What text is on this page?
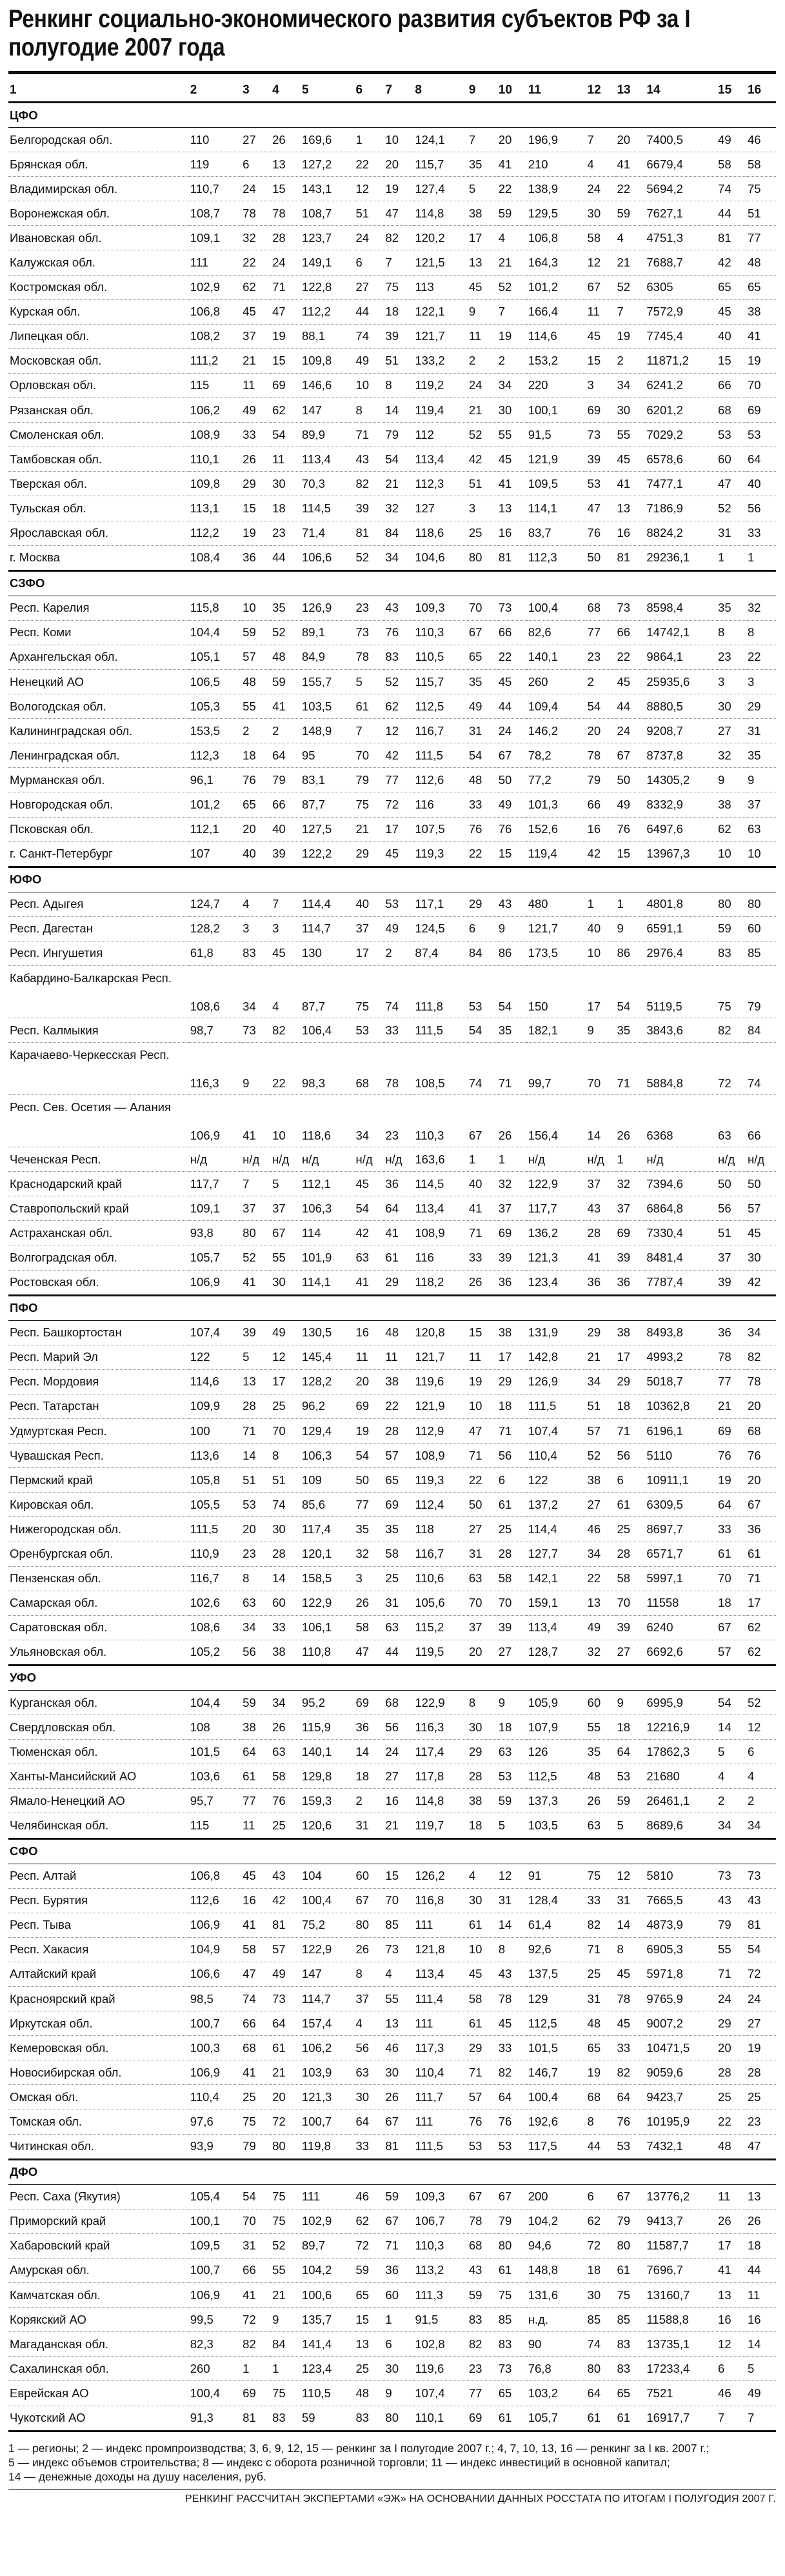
Ренкинг социально-экономического развития субъектов РФ за I полугодие 2007 года
1	2	3	4	5	6	7	8	9	10	11	12	13	14	15	16
ЦФО															
Белгородская обл.	110	27	26	169,6	1	10	124,1	7	20	196,9	7	20	7400,5	49	46
Брянская обл.	119	6	13	127,2	22	20	115,7	35	41	210	4	41	6679,4	58	58
Владимирская обл.	110,7	24	15	143,1	12	19	127,4	5	22	138,9	24	22	5694,2	74	75
Воронежская обл.	108,7	78	78	108,7	51	47	114,8	38	59	129,5	30	59	7627,1	44	51
Ивановская обл.	109,1	32	28	123,7	24	82	120,2	17	4	106,8	58	4	4751,3	81	77
Калужская обл.	111	22	24	149,1	6	7	121,5	13	21	164,3	12	21	7688,7	42	48
Костромская обл.	102,9	62	71	122,8	27	75	113	45	52	101,2	67	52	6305	65	65
Курская обл.	106,8	45	47	112,2	44	18	122,1	9	7	166,4	11	7	7572,9	45	38
Липецкая обл.	108,2	37	19	88,1	74	39	121,7	11	19	114,6	45	19	7745,4	40	41
Московская обл.	111,2	21	15	109,8	49	51	133,2	2	2	153,2	15	2	11871,2	15	19
Орловская обл.	115	11	69	146,6	10	8	119,2	24	34	220	3	34	6241,2	66	70
Рязанская обл.	106,2	49	62	147	8	14	119,4	21	30	100,1	69	30	6201,2	68	69
Смоленская обл.	108,9	33	54	89,9	71	79	112	52	55	91,5	73	55	7029,2	53	53
Тамбовская обл.	110,1	26	11	113,4	43	54	113,4	42	45	121,9	39	45	6578,6	60	64
Тверская обл.	109,8	29	30	70,3	82	21	112,3	51	41	109,5	53	41	7477,1	47	40
Тульская обл.	113,1	15	18	114,5	39	32	127	3	13	114,1	47	13	7186,9	52	56
Ярославская обл.	112,2	19	23	71,4	81	84	118,6	25	16	83,7	76	16	8824,2	31	33
г. Москва	108,4	36	44	106,6	52	34	104,6	80	81	112,3	50	81	29236,1	1	1
СЗФО															
Респ. Карелия	115,8	10	35	126,9	23	43	109,3	70	73	100,4	68	73	8598,4	35	32
Респ. Коми	104,4	59	52	89,1	73	76	110,3	67	66	82,6	77	66	14742,1	8	8
Архангельская обл.	105,1	57	48	84,9	78	83	110,5	65	22	140,1	23	22	9864,1	23	22
Ненецкий АО	106,5	48	59	155,7	5	52	115,7	35	45	260	2	45	25935,6	3	3
Вологодская обл.	105,3	55	41	103,5	61	62	112,5	49	44	109,4	54	44	8880,5	30	29
Калининградская обл.	153,5	2	2	148,9	7	12	116,7	31	24	146,2	20	24	9208,7	27	31
Ленинградская обл.	112,3	18	64	95	70	42	111,5	54	67	78,2	78	67	8737,8	32	35
Мурманская обл.	96,1	76	79	83,1	79	77	112,6	48	50	77,2	79	50	14305,2	9	9
Новгородская обл.	101,2	65	66	87,7	75	72	116	33	49	101,3	66	49	8332,9	38	37
Псковская обл.	112,1	20	40	127,5	21	17	107,5	76	76	152,6	16	76	6497,6	62	63
г. Санкт-Петербург	107	40	39	122,2	29	45	119,3	22	15	119,4	42	15	13967,3	10	10
ЮФО															
Респ. Адыгея	124,7	4	7	114,4	40	53	117,1	29	43	480	1	1	4801,8	80	80
Респ. Дагестан	128,2	3	3	114,7	37	49	124,5	6	9	121,7	40	9	6591,1	59	60
Респ. Ингушетия	61,8	83	45	130	17	2	87,4	84	86	173,5	10	86	2976,4	83	85
Кабардино-Балкарская Респ.	108,6	34	4	87,7	75	74	111,8	53	54	150	17	54	5119,5	75	79
Респ. Калмыкия	98,7	73	82	106,4	53	33	111,5	54	35	182,1	9	35	3843,6	82	84
Карачаево-Черкесская Респ.	116,3	9	22	98,3	68	78	108,5	74	71	99,7	70	71	5884,8	72	74
Респ. Сев. Осетия — Алания	106,9	41	10	118,6	34	23	110,3	67	26	156,4	14	26	6368	63	66
Чеченская Респ.	н/д	н/д	н/д	н/д	н/д	н/д	163,6	1	1	н/д	н/д	1	н/д	н/д	н/д
Краснодарский край	117,7	7	5	112,1	45	36	114,5	40	32	122,9	37	32	7394,6	50	50
Ставропольский край	109,1	37	37	106,3	54	64	113,4	41	37	117,7	43	37	6864,8	56	57
Астраханская обл.	93,8	80	67	114	42	41	108,9	71	69	136,2	28	69	7330,4	51	45
Волгоградская обл.	105,7	52	55	101,9	63	61	116	33	39	121,3	41	39	8481,4	37	30
Ростовская обл.	106,9	41	30	114,1	41	29	118,2	26	36	123,4	36	36	7787,4	39	42
ПФО															
Респ. Башкортостан	107,4	39	49	130,5	16	48	120,8	15	38	131,9	29	38	8493,8	36	34
Респ. Марий Эл	122	5	12	145,4	11	11	121,7	11	17	142,8	21	17	4993,2	78	82
Респ. Мордовия	114,6	13	17	128,2	20	38	119,6	19	29	126,9	34	29	5018,7	77	78
Респ. Татарстан	109,9	28	25	96,2	69	22	121,9	10	18	111,5	51	18	10362,8	21	20
Удмуртская Респ.	100	71	70	129,4	19	28	112,9	47	71	107,4	57	71	6196,1	69	68
Чувашская Респ.	113,6	14	8	106,3	54	57	108,9	71	56	110,4	52	56	5110	76	76
Пермский край	105,8	51	51	109	50	65	119,3	22	6	122	38	6	10911,1	19	20
Кировская обл.	105,5	53	74	85,6	77	69	112,4	50	61	137,2	27	61	6309,5	64	67
Нижегородская обл.	111,5	20	30	117,4	35	35	118	27	25	114,4	46	25	8697,7	33	36
Оренбургская обл.	110,9	23	28	120,1	32	58	116,7	31	28	127,7	34	28	6571,7	61	61
Пензенская обл.	116,7	8	14	158,5	3	25	110,6	63	58	142,1	22	58	5997,1	70	71
Самарская обл.	102,6	63	60	122,9	26	31	105,6	70	70	159,1	13	70	11558	18	17
Саратовская обл.	108,6	34	33	106,1	58	63	115,2	37	39	113,4	49	39	6240	67	62
Ульяновская обл.	105,2	56	38	110,8	47	44	119,5	20	27	128,7	32	27	6692,6	57	62
УФО															
Курганская обл.	104,4	59	34	95,2	69	68	122,9	8	9	105,9	60	9	6995,9	54	52
Свердловская обл.	108	38	26	115,9	36	56	116,3	30	18	107,9	55	18	12216,9	14	12
Тюменская обл.	101,5	64	63	140,1	14	24	117,4	29	63	126	35	64	17862,3	5	6
Ханты-Мансийский АО	103,6	61	58	129,8	18	27	117,8	28	53	112,5	48	53	21680	4	4
Ямало-Ненецкий АО	95,7	77	76	159,3	2	16	114,8	38	59	137,3	26	59	26461,1	2	2
Челябинская обл.	115	11	25	120,6	31	21	119,7	18	5	103,5	63	5	8689,6	34	34
СФО															
Респ. Алтай	106,8	45	43	104	60	15	126,2	4	12	91	75	12	5810	73	73
Респ. Бурятия	112,6	16	42	100,4	67	70	116,8	30	31	128,4	33	31	7665,5	43	43
Респ. Тыва	106,9	41	81	75,2	80	85	111	61	14	61,4	82	14	4873,9	79	81
Респ. Хакасия	104,9	58	57	122,9	26	73	121,8	10	8	92,6	71	8	6905,3	55	54
Алтайский край	106,6	47	49	147	8	4	113,4	45	43	137,5	25	45	5971,8	71	72
Красноярский край	98,5	74	73	114,7	37	55	111,4	58	78	129	31	78	9765,9	24	24
Иркутская обл.	100,7	66	64	157,4	4	13	111	61	45	112,5	48	45	9007,2	29	27
Кемеровская обл.	100,3	68	61	106,2	56	46	117,3	29	33	101,5	65	33	10471,5	20	19
Новосибирская обл.	106,9	41	21	103,9	63	30	110,4	71	82	146,7	19	82	9059,6	28	28
Омская обл.	110,4	25	20	121,3	30	26	111,7	57	64	100,4	68	64	9423,7	25	25
Томская обл.	97,6	75	72	100,7	64	67	111	76	76	192,6	8	76	10195,9	22	23
Читинская обл.	93,9	79	80	119,8	33	81	111,5	53	53	117,5	44	53	7432,1	48	47
ДФО															
Респ. Саха (Якутия)	105,4	54	75	111	46	59	109,3	67	67	200	6	67	13776,2	11	13
Приморский край	100,1	70	75	102,9	62	67	106,7	78	79	104,2	62	79	9413,7	26	26
Хабаровский край	109,5	31	52	89,7	72	71	110,3	68	80	94,6	72	80	11587,7	17	18
Амурская обл.	100,7	66	55	104,2	59	36	113,2	43	61	148,8	18	61	7696,7	41	44
Камчатская обл.	106,9	41	21	100,6	65	60	111,3	59	75	131,6	30	75	13160,7	13	11
Корякский АО	99,5	72	9	135,7	15	1	91,5	83	85	н.д.	85	85	11588,8	16	16
Магаданская обл.	82,3	82	84	141,4	13	6	102,8	82	83	90	74	83	13735,1	12	14
Сахалинская обл.	260	1	1	123,4	25	30	119,6	23	73	76,8	80	83	17233,4	6	5
Еврейская АО	100,4	69	75	110,5	48	9	107,4	77	65	103,2	64	65	7521	46	49
Чукотский АО	91,3	81	83	59	83	80	110,1	69	61	105,7	61	61	16917,7	7	7
1 — регионы; 2 — индекс промпроизводства; 3, 6, 9, 12, 15 — ренкинг за I полугодие 2007 г.; 4, 7, 10, 13, 16 — ренкинг за I кв. 2007 г.;
5 — индекс объемов строительства; 8 — индекс с оборота розничной торговли; 11 — индекс инвестиций в основной капитал;
14 — денежные доходы на душу населения, руб.
РЕНКИНГ РАССЧИТАН ЭКСПЕРТАМИ «ЭЖ» НА ОСНОВАНИИ ДАННЫХ РОССТАТА ПО ИТОГАМ I ПОЛУГОДИЯ 2007 Г.
